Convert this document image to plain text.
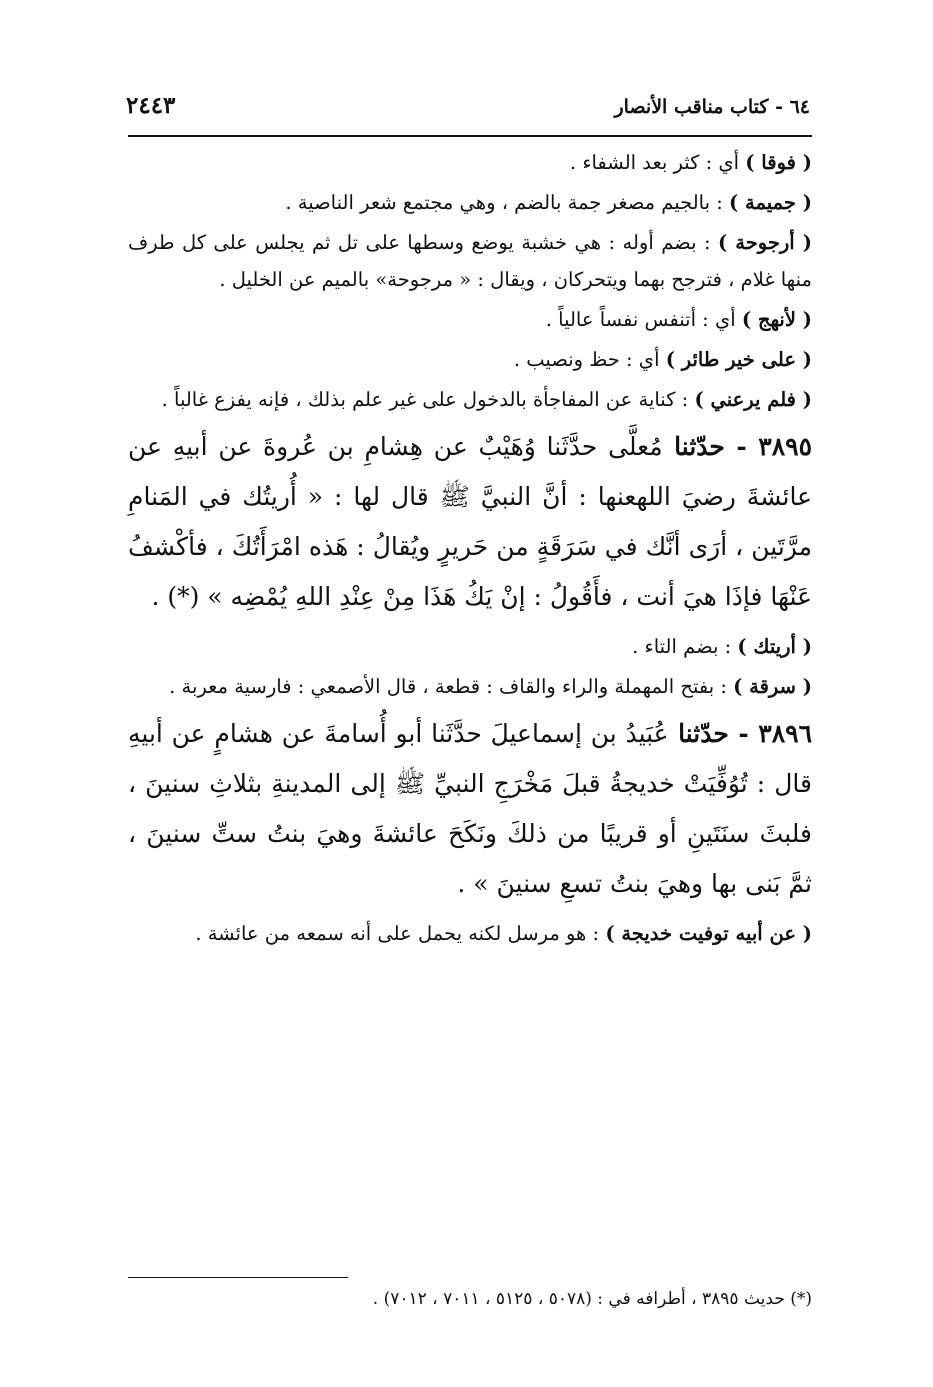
٦٤ - كتاب مناقب الأنصار
٢٤٤٣

( فوقا ) أي : كثر بعد الشفاء .

( جميمة ) : بالجيم مصغر جمة بالضم ، وهي مجتمع شعر الناصية .

( أرجوحة ) : بضم أوله : هي خشبة يوضع وسطها على تل ثم يجلس على كل طرف منها غلام ، فترجح بهما ويتحركان ، ويقال : « مرجوحة» بالميم عن الخليل .

( لأنهج ) أي : أتنفس نفساً عالياً .

( على خير طائر ) أي : حظ ونصيب .

( فلم يرعني ) : كناية عن المفاجأة بالدخول على غير علم بذلك ، فإنه يفزع غالباً .

٣٨٩٥ - حدّثنا مُعلَّى حدَّثَنا وُهَيْبٌ عن هِشامِ بن عُروةَ عن أبيهِ عن عائشةَ رضيَ اللهعنها : أنَّ النبيَّ ﷺ قال لها : « أُريتُك في المَنامِ مرَّتَين ، أرَى أنَّك في سَرَقَةٍ من حَريرٍ ويُقالُ : هَذه امْرَأَتُكَ ، فأكْشفُ عَنْهَا فإذَا هيَ أنت ، فأَقُولُ : إنْ يَكُ هَذَا مِنْ عِنْدِ اللهِ يُمْضِه » (*) .

( أريتك ) : بضم التاء .

( سرقة ) : بفتح المهملة والراء والقاف : قطعة ، قال الأصمعي : فارسية معربة .

٣٨٩٦ - حدّثنا عُبَيدُ بن إسماعيلَ حدَّثَنا أبو أُسامةَ عن هشامٍ عن أبيهِ قال : تُوُفِّيَتْ خديجةُ قبلَ مَخْرَجِ النبيِّ ﷺ إلى المدينةِ بثلاثِ سنينَ ، فلبثَ سنَتَينِ أو قريبًا من ذلكَ ونَكَحَ عائشةَ وهيَ بنتُ ستِّ سنينَ ، ثمَّ بَنى بها وهيَ بنتُ تسعِ سنينَ » .

( عن أبيه توفيت خديجة ) : هو مرسل لكنه يحمل على أنه سمعه من عائشة .

(*) حديث ٣٨٩٥ ، أطرافه في : (٥٠٧٨ ، ٥١٢٥ ، ٧٠١١ ، ٧٠١٢) .
